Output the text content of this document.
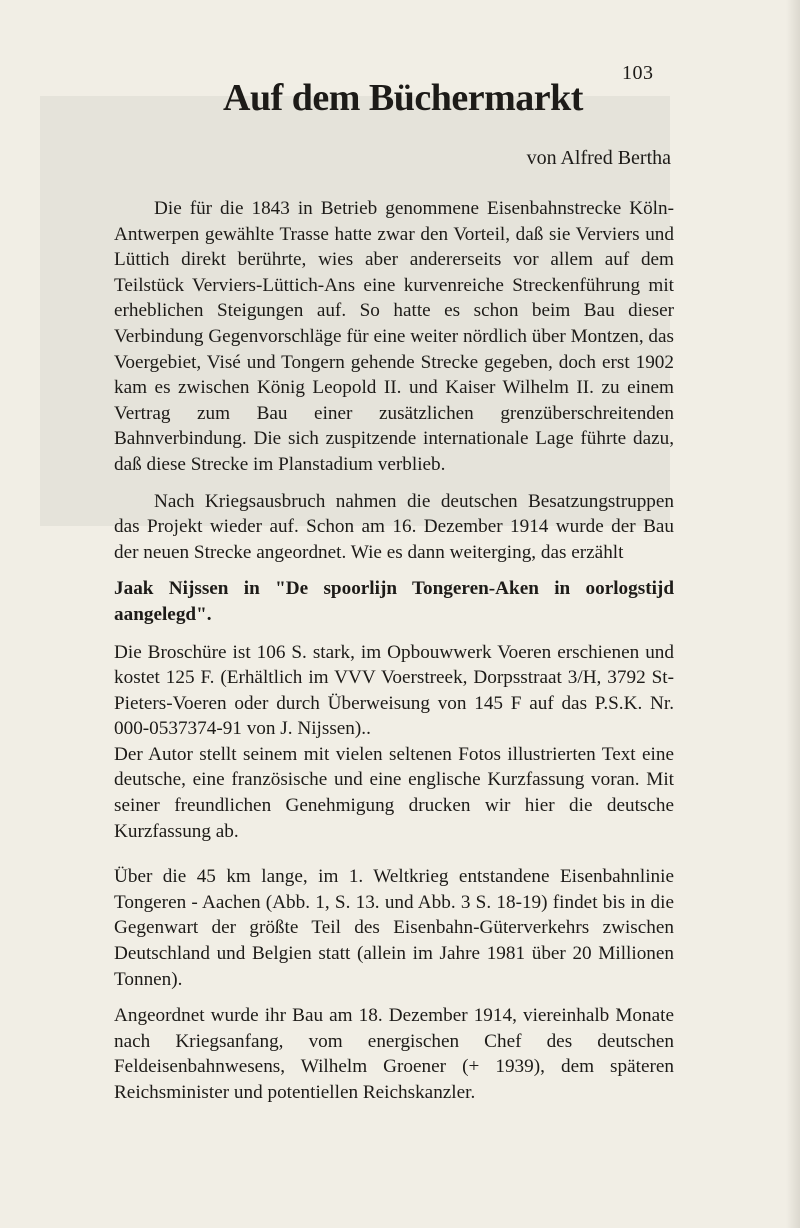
103
Auf dem Büchermarkt
von Alfred Bertha

Die für die 1843 in Betrieb genommene Eisenbahnstrecke Köln-Antwerpen gewählte Trasse hatte zwar den Vorteil, daß sie Verviers und Lüttich direkt berührte, wies aber andererseits vor allem auf dem Teilstück Verviers-Lüttich-Ans eine kurvenreiche Streckenführung mit erheblichen Steigungen auf. So hatte es schon beim Bau dieser Verbindung Gegenvorschläge für eine weiter nördlich über Montzen, das Voergebiet, Visé und Tongern gehende Strecke gegeben, doch erst 1902 kam es zwischen König Leopold II. und Kaiser Wilhelm II. zu einem Vertrag zum Bau einer zusätzlichen grenzüberschreitenden Bahnverbindung. Die sich zuspitzende internationale Lage führte dazu, daß diese Strecke im Planstadium verblieb.

Nach Kriegsausbruch nahmen die deutschen Besatzungstruppen das Projekt wieder auf. Schon am 16. Dezember 1914 wurde der Bau der neuen Strecke angeordnet. Wie es dann weiterging, das erzählt

Jaak Nijssen in "De spoorlijn Tongeren-Aken in oorlogstijd aangelegd".

Die Broschüre ist 106 S. stark, im Opbouwwerk Voeren erschienen und kostet 125 F. (Erhältlich im VVV Voerstreek, Dorpsstraat 3/H, 3792 St-Pieters-Voeren oder durch Überweisung von 145 F auf das P.S.K. Nr. 000-0537374-91 von J. Nijssen)..

Der Autor stellt seinem mit vielen seltenen Fotos illustrierten Text eine deutsche, eine französische und eine englische Kurzfassung voran. Mit seiner freundlichen Genehmigung drucken wir hier die deutsche Kurzfassung ab.

Über die 45 km lange, im 1. Weltkrieg entstandene Eisenbahnlinie Tongeren - Aachen (Abb. 1, S. 13. und Abb. 3 S. 18-19) findet bis in die Gegenwart der größte Teil des Eisenbahn-Güterverkehrs zwischen Deutschland und Belgien statt (allein im Jahre 1981 über 20 Millionen Tonnen).

Angeordnet wurde ihr Bau am 18. Dezember 1914, viereinhalb Monate nach Kriegsanfang, vom energischen Chef des deutschen Feldeisenbahnwesens, Wilhelm Groener (+ 1939), dem späteren Reichsminister und potentiellen Reichskanzler.
